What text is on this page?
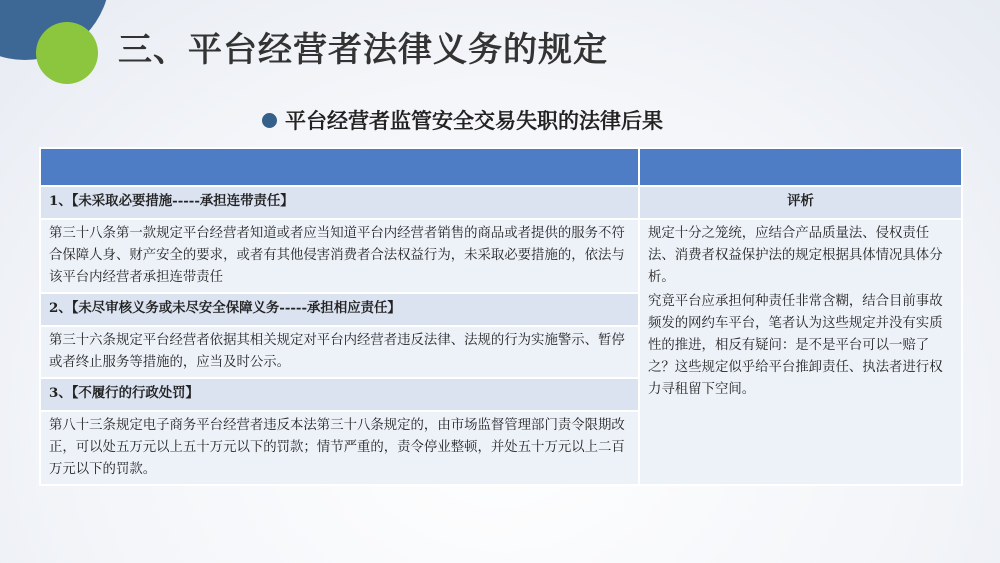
三、平台经营者法律义务的规定
平台经营者监管安全交易失职的法律后果

1、【未采取必要措施-----承担连带责任】	评析
第三十八条第一款规定平台经营者知道或者应当知道平台内经营者销售的商品或者提供的服务不符合保障人身、财产安全的要求，或者有其他侵害消费者合法权益行为，未采取必要措施的，依法与该平台内经营者承担连带责任	规定十分之笼统，应结合产品质量法、侵权责任法、消费者权益保护法的规定根据具体情况具体分析。

究竟平台应承担何种责任非常含糊，结合目前事故频发的网约车平台，笔者认为这些规定并没有实质性的推进，相反有疑问：是不是平台可以一赔了之？这些规定似乎给平台推卸责任、执法者进行权力寻租留下空间。

2、【未尽审核义务或未尽安全保障义务-----承担相应责任】	
第三十六条规定平台经营者依据其相关规定对平台内经营者违反法律、法规的行为实施警示、暂停或者终止服务等措施的，应当及时公示。	
3、【不履行的行政处罚】	
第八十三条规定电子商务平台经营者违反本法第三十八条规定的，由市场监督管理部门责令限期改正，可以处五万元以上五十万元以下的罚款；情节严重的，责令停业整顿，并处五十万元以上二百万元以下的罚款。	
